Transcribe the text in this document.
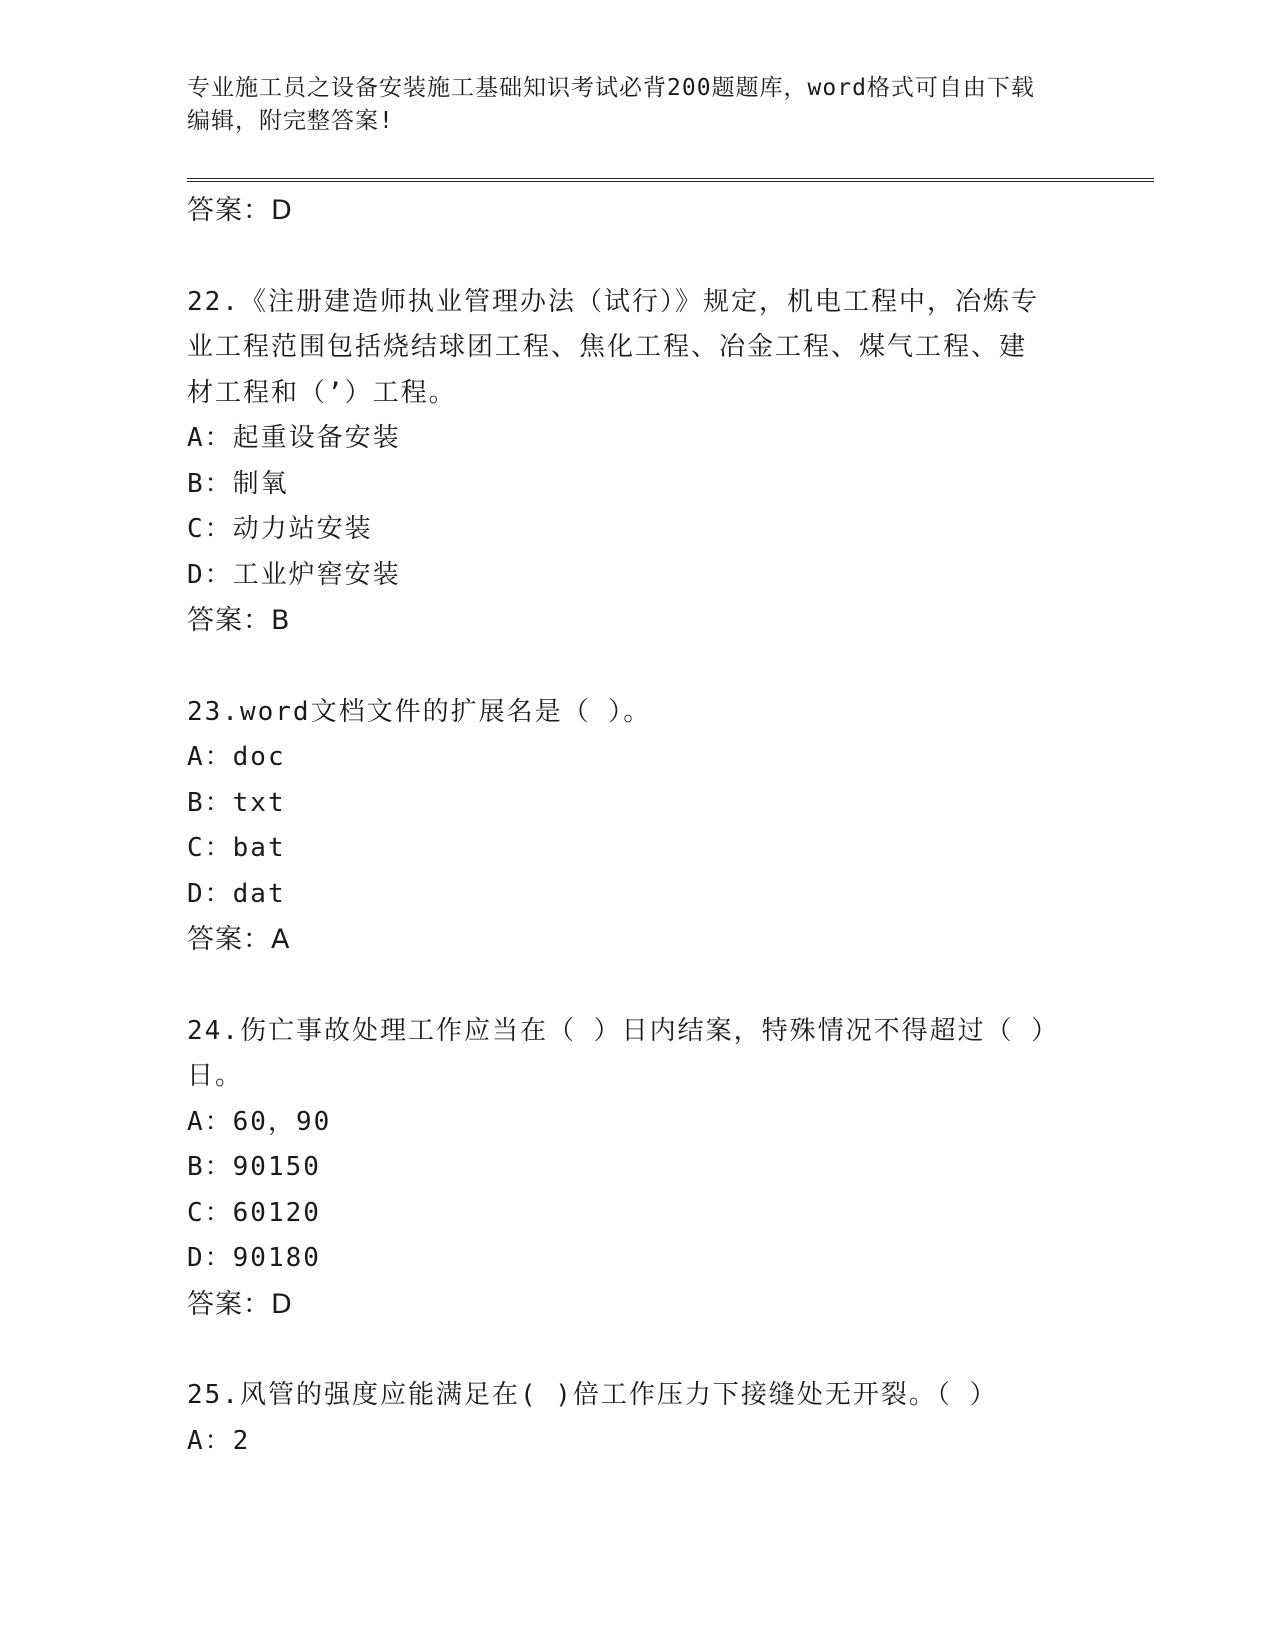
专业施工员之设备安装施工基础知识考试必背200题题库，word格式可自由下载
编辑，附完整答案!
答案：D
22.《注册建造师执业管理办法（试行）》规定，机电工程中，冶炼专
业工程范围包括烧结球团工程、焦化工程、冶金工程、煤气工程、建
材工程和（’）工程。
A：起重设备安装
B：制氧
C：动力站安装
D：工业炉窖安装
答案：B
23.word文档文件的扩展名是（ ）。
A：doc
B：txt
C：bat
D：dat
答案：A
24.伤亡事故处理工作应当在（ ）日内结案，特殊情况不得超过（ ）
日。
A：60，90
B：90150
C：60120
D：90180
答案：D
25.风管的强度应能满足在( )倍工作压力下接缝处无开裂。（ ）
A：2
